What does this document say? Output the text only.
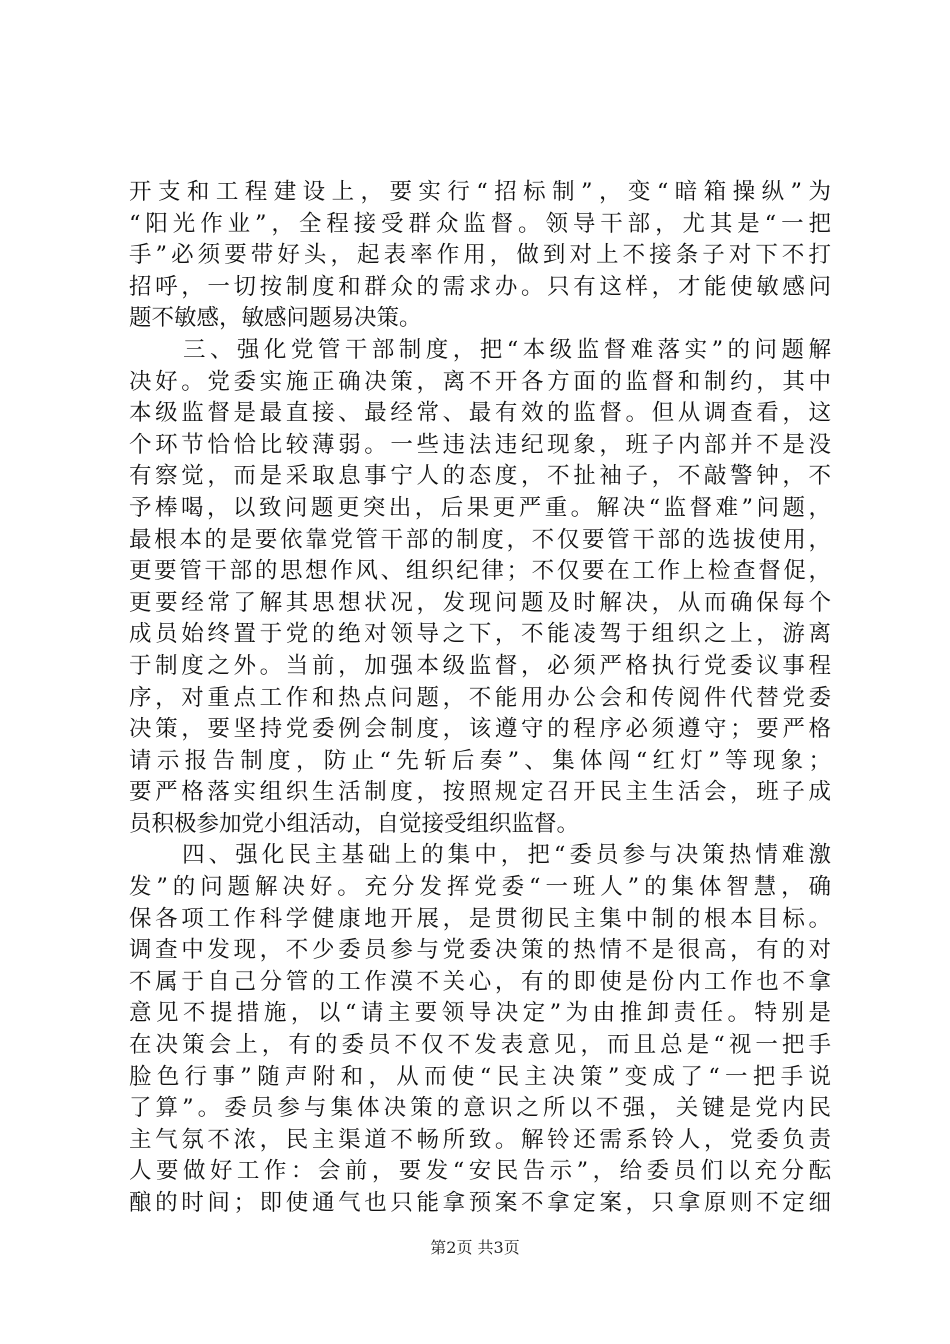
开支和工程建设上，要实行“招标制”，变“暗箱操纵”为
“阳光作业”，全程接受群众监督。领导干部，尤其是“一把
手”必须要带好头，起表率作用，做到对上不接条子对下不打
招呼，一切按制度和群众的需求办。只有这样，才能使敏感问
题不敏感，敏感问题易决策。
　　三、强化党管干部制度，把“本级监督难落实”的问题解
决好。党委实施正确决策，离不开各方面的监督和制约，其中
本级监督是最直接、最经常、最有效的监督。但从调查看，这
个环节恰恰比较薄弱。一些违法违纪现象，班子内部并不是没
有察觉，而是采取息事宁人的态度，不扯袖子，不敲警钟，不
予棒喝，以致问题更突出，后果更严重。解决“监督难”问题，
最根本的是要依靠党管干部的制度，不仅要管干部的选拔使用，
更要管干部的思想作风、组织纪律；不仅要在工作上检查督促，
更要经常了解其思想状况，发现问题及时解决，从而确保每个
成员始终置于党的绝对领导之下，不能凌驾于组织之上，游离
于制度之外。当前，加强本级监督，必须严格执行党委议事程
序，对重点工作和热点问题，不能用办公会和传阅件代替党委
决策，要坚持党委例会制度，该遵守的程序必须遵守；要严格
请示报告制度，防止“先斩后奏”、集体闯“红灯”等现象；
要严格落实组织生活制度，按照规定召开民主生活会，班子成
员积极参加党小组活动，自觉接受组织监督。
　　四、强化民主基础上的集中，把“委员参与决策热情难激
发”的问题解决好。充分发挥党委“一班人”的集体智慧，确
保各项工作科学健康地开展，是贯彻民主集中制的根本目标。
调查中发现，不少委员参与党委决策的热情不是很高，有的对
不属于自己分管的工作漠不关心，有的即使是份内工作也不拿
意见不提措施，以“请主要领导决定”为由推卸责任。特别是
在决策会上，有的委员不仅不发表意见，而且总是“视一把手
脸色行事”随声附和，从而使“民主决策”变成了“一把手说
了算”。委员参与集体决策的意识之所以不强，关键是党内民
主气氛不浓，民主渠道不畅所致。解铃还需系铃人，党委负责
人要做好工作：会前，要发“安民告示”，给委员们以充分酝
酿的时间；即使通气也只能拿预案不拿定案，只拿原则不定细
第2页 共3页
